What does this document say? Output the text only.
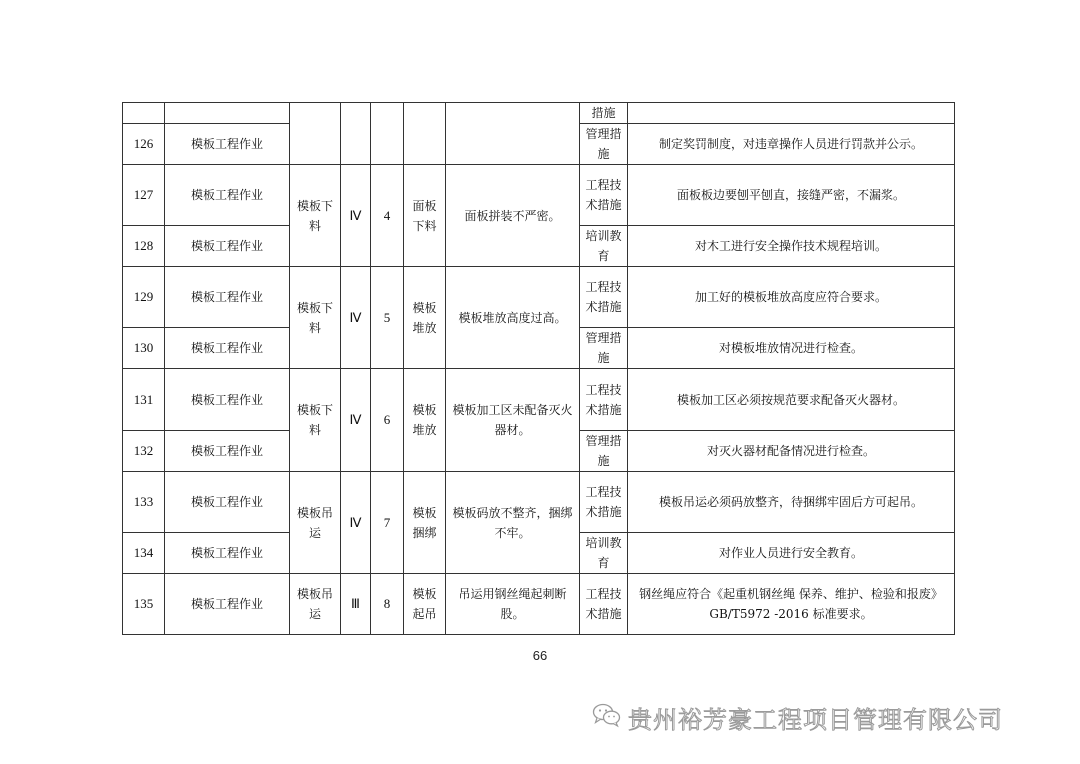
							措施	
126	模板工程作业						管理措施	制定奖罚制度，对违章操作人员进行罚款并公示。
127	模板工程作业	模板下料	Ⅳ	4	面板下料	面板拼装不严密。	工程技术措施	面板板边要刨平刨直，接缝严密，不漏浆。
128	模板工程作业						培训教育	对木工进行安全操作技术规程培训。
129	模板工程作业	模板下料	Ⅳ	5	模板堆放	模板堆放高度过高。	工程技术措施	加工好的模板堆放高度应符合要求。
130	模板工程作业						管理措施	对模板堆放情况进行检查。
131	模板工程作业	模板下料	Ⅳ	6	模板堆放	模板加工区未配备灭火器材。	工程技术措施	模板加工区必须按规范要求配备灭火器材。
132	模板工程作业						管理措施	对灭火器材配备情况进行检查。
133	模板工程作业	模板吊运	Ⅳ	7	模板捆绑	模板码放不整齐，捆绑不牢。	工程技术措施	模板吊运必须码放整齐，待捆绑牢固后方可起吊。
134	模板工程作业						培训教育	对作业人员进行安全教育。
135	模板工程作业	模板吊运	Ⅲ	8	模板起吊	吊运用钢丝绳起刺断股。	工程技术措施	钢丝绳应符合《起重机钢丝绳 保养、维护、检验和报废》 GB/T5972 -2016 标准要求。
66
贵州裕芳豪工程项目管理有限公司
